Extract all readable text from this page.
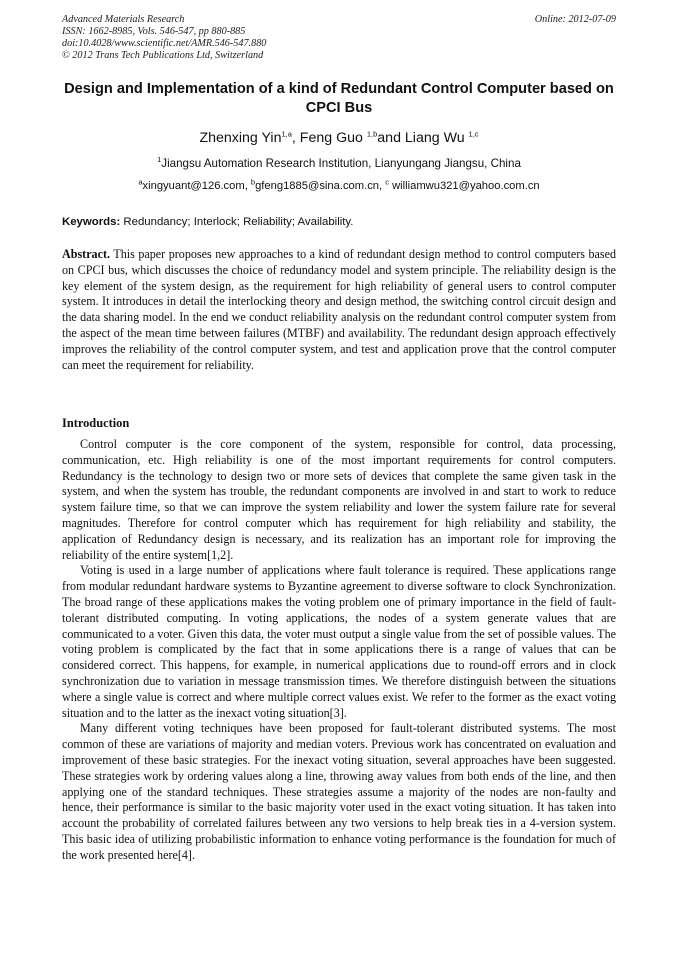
Advanced Materials Research
ISSN: 1662-8985, Vols. 546-547, pp 880-885
doi:10.4028/www.scientific.net/AMR.546-547.880
© 2012 Trans Tech Publications Ltd, Switzerland
Online: 2012-07-09
Design and Implementation of a kind of Redundant Control Computer based on CPCI Bus
Zhenxing Yin$^{1,a}$, Feng Guo $^{1,b}$and Liang Wu $^{1,c}$
$^1$Jiangsu Automation Research Institution, Lianyungang Jiangsu, China
$^a$xingyuant@126.com, $^b$gfeng1885@sina.com.cn, $^c$ williamwu321@yahoo.com.cn
Keywords: Redundancy; Interlock; Reliability; Availability.
Abstract. This paper proposes new approaches to a kind of redundant design method to control computers based on CPCI bus, which discusses the choice of redundancy model and system principle. The reliability design is the key element of the system design, as the requirement for high reliability of general users to control computer system. It introduces in detail the interlocking theory and design method, the switching control circuit design and the data sharing model. In the end we conduct reliability analysis on the redundant control computer system from the aspect of the mean time between failures (MTBF) and availability. The redundant design approach effectively improves the reliability of the control computer system, and test and application prove that the control computer can meet the requirement for reliability.
Introduction

Control computer is the core component of the system, responsible for control, data processing, communication, etc. High reliability is one of the most important requirements for control computers. Redundancy is the technology to design two or more sets of devices that complete the same given task in the system, and when the system has trouble, the redundant components are involved in and start to work to reduce system failure time, so that we can improve the system reliability and lower the system failure rate for several magnitudes. Therefore for control computer which has requirement for high reliability and stability, the application of Redundancy design is necessary, and its realization has an important role for improving the reliability of the entire system[1,2].

Voting is used in a large number of applications where fault tolerance is required. These applications range from modular redundant hardware systems to Byzantine agreement to diverse software to clock Synchronization. The broad range of these applications makes the voting problem one of primary importance in the field of fault-tolerant distributed computing. In voting applications, the nodes of a system generate values that are communicated to a voter. Given this data, the voter must output a single value from the set of possible values. The voting problem is complicated by the fact that in some applications there is a range of values that can be considered correct. This happens, for example, in numerical applications due to round-off errors and in clock synchronization due to variation in message transmission times. We therefore distinguish between the situations where a single value is correct and where multiple correct values exist. We refer to the former as the exact voting situation and to the latter as the inexact voting situation[3].

Many different voting techniques have been proposed for fault-tolerant distributed systems. The most common of these are variations of majority and median voters. Previous work has concentrated on evaluation and improvement of these basic strategies. For the inexact voting situation, several approaches have been suggested. These strategies work by ordering values along a line, throwing away values from both ends of the line, and then applying one of the standard techniques. These strategies assume a majority of the nodes are non-faulty and hence, their performance is similar to the basic majority voter used in the exact voting situation. It has taken into account the probability of correlated failures between any two versions to help break ties in a 4-version system. This basic idea of utilizing probabilistic information to enhance voting performance is the foundation for much of the work presented here[4].
